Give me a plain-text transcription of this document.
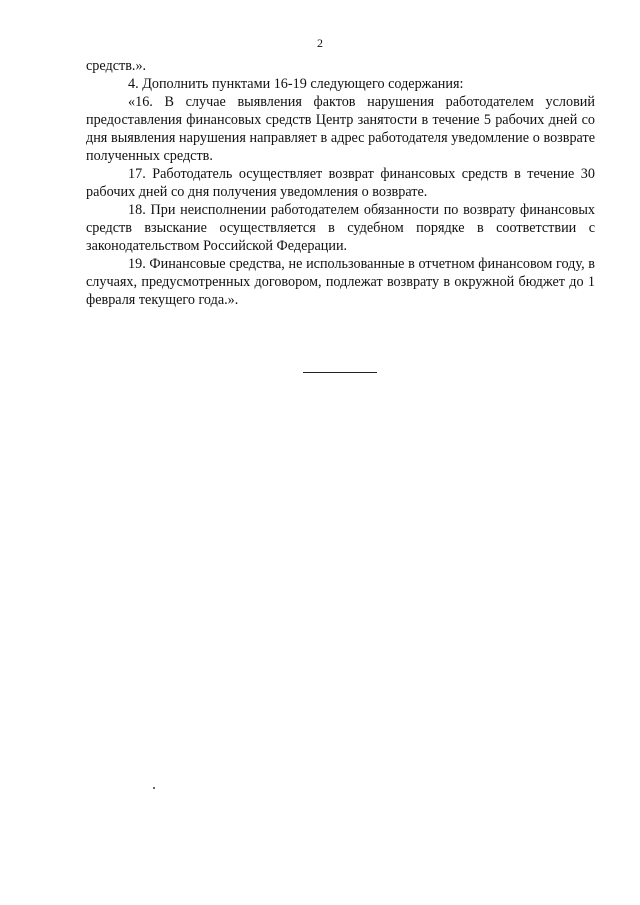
2

средств.».

4. Дополнить пунктами 16-19 следующего содержания:

«16. В случае выявления фактов нарушения работодателем условий предоставления финансовых средств Центр занятости в течение 5 рабочих дней со дня выявления нарушения направляет в адрес работодателя уведомление о возврате полученных средств.

17. Работодатель осуществляет возврат финансовых средств в течение 30 рабочих дней со дня получения уведомления о возврате.

18. При неисполнении работодателем обязанности по возврату финансовых средств взыскание осуществляется в судебном порядке в соответствии с законодательством Российской Федерации.

19. Финансовые средства, не использованные в отчетном финансовом году, в случаях, предусмотренных договором, подлежат возврату в окружной бюджет до 1 февраля текущего года.».
